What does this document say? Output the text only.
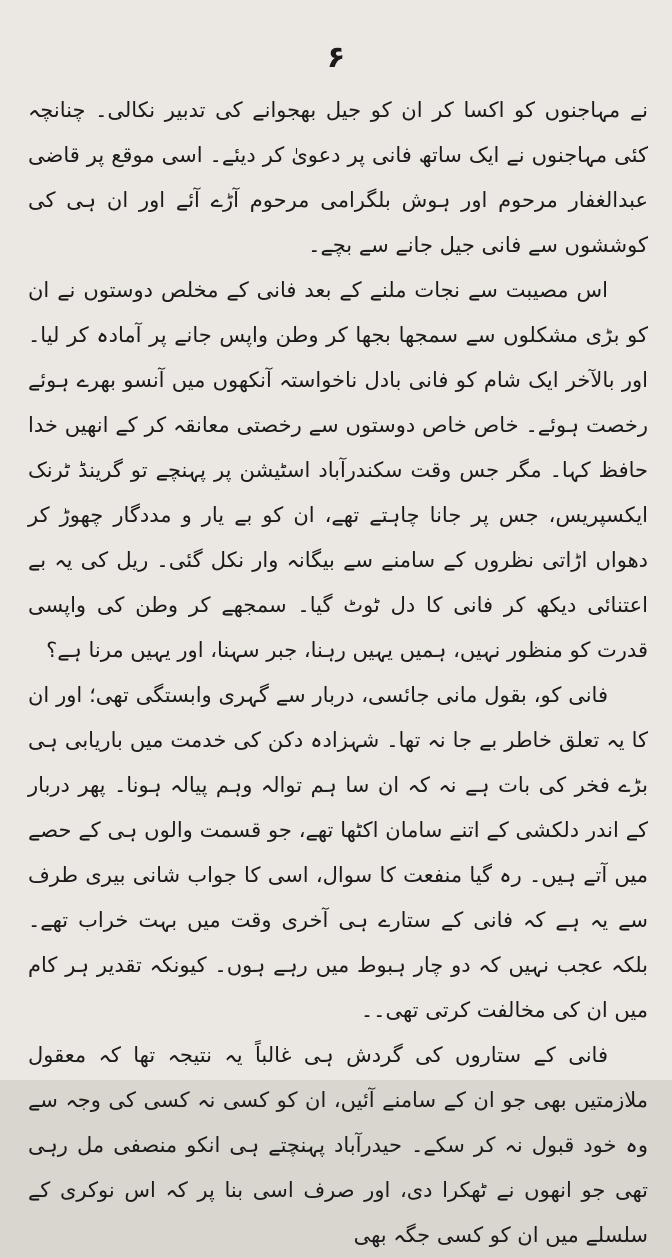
۶

نے مہاجنوں کو اکسا کر ان کو جیل بھجوانے کی تدبیر نکالی۔ چنانچہ کئی مہاجنوں نے ایک ساتھ فانی پر دعویٰ کر دیئے۔ اسی موقع پر قاضی عبدالغفار مرحوم اور ہوش بلگرامی مرحوم آڑے آئے اور ان ہی کی کوششوں سے فانی جیل جانے سے بچے۔

اس مصیبت سے نجات ملنے کے بعد فانی کے مخلص دوستوں نے ان کو بڑی مشکلوں سے سمجھا بجھا کر وطن واپس جانے پر آمادہ کر لیا۔ اور بالآخر ایک شام کو فانی بادل ناخواستہ آنکھوں میں آنسو بھرے ہوئے رخصت ہوئے۔ خاص خاص دوستوں سے رخصتی معانقہ کر کے انھیں خدا حافظ کہا۔ مگر جس وقت سکندرآباد اسٹیشن پر پہنچے تو گرینڈ ٹرنک ایکسپریس، جس پر جانا چاہتے تھے، ان کو بے یار و مددگار چھوڑ کر دھواں اڑاتی نظروں کے سامنے سے بیگانہ وار نکل گئی۔ ریل کی یہ بے اعتنائی دیکھ کر فانی کا دل ٹوٹ گیا۔ سمجھے کر وطن کی واپسی قدرت کو منظور نہیں، ہمیں یہیں رہنا، جبر سہنا، اور یہیں مرنا ہے؟

فانی کو، بقول مانی جائسی، دربار سے گہری وابستگی تھی؛ اور ان کا یہ تعلق خاطر بے جا نہ تھا۔ شہزادہ دکن کی خدمت میں باریابی ہی بڑے فخر کی بات ہے نہ کہ ان سا ہم توالہ وہم پیالہ ہونا۔ پھر دربار کے اندر دلکشی کے اتنے سامان اکٹھا تھے، جو قسمت والوں ہی کے حصے میں آتے ہیں۔ رہ گیا منفعت کا سوال، اسی کا جواب شانی بیری طرف سے یہ ہے کہ فانی کے ستارے ہی آخری وقت میں بہت خراب تھے۔ بلکہ عجب نہیں کہ دو چار ہبوط میں رہے ہوں۔ کیونکہ تقدیر ہر کام میں ان کی مخالفت کرتی تھی۔۔

فانی کے ستاروں کی گردش ہی غالباً یہ نتیجہ تھا کہ معقول ملازمتیں بھی جو ان کے سامنے آئیں، ان کو کسی نہ کسی کی وجہ سے وہ خود قبول نہ کر سکے۔ حیدرآباد پہنچتے ہی انکو منصفی مل رہی تھی جو انھوں نے ٹھکرا دی، اور صرف اسی بنا پر کہ اس نوکری کے سلسلے میں ان کو کسی جگہ بھی
